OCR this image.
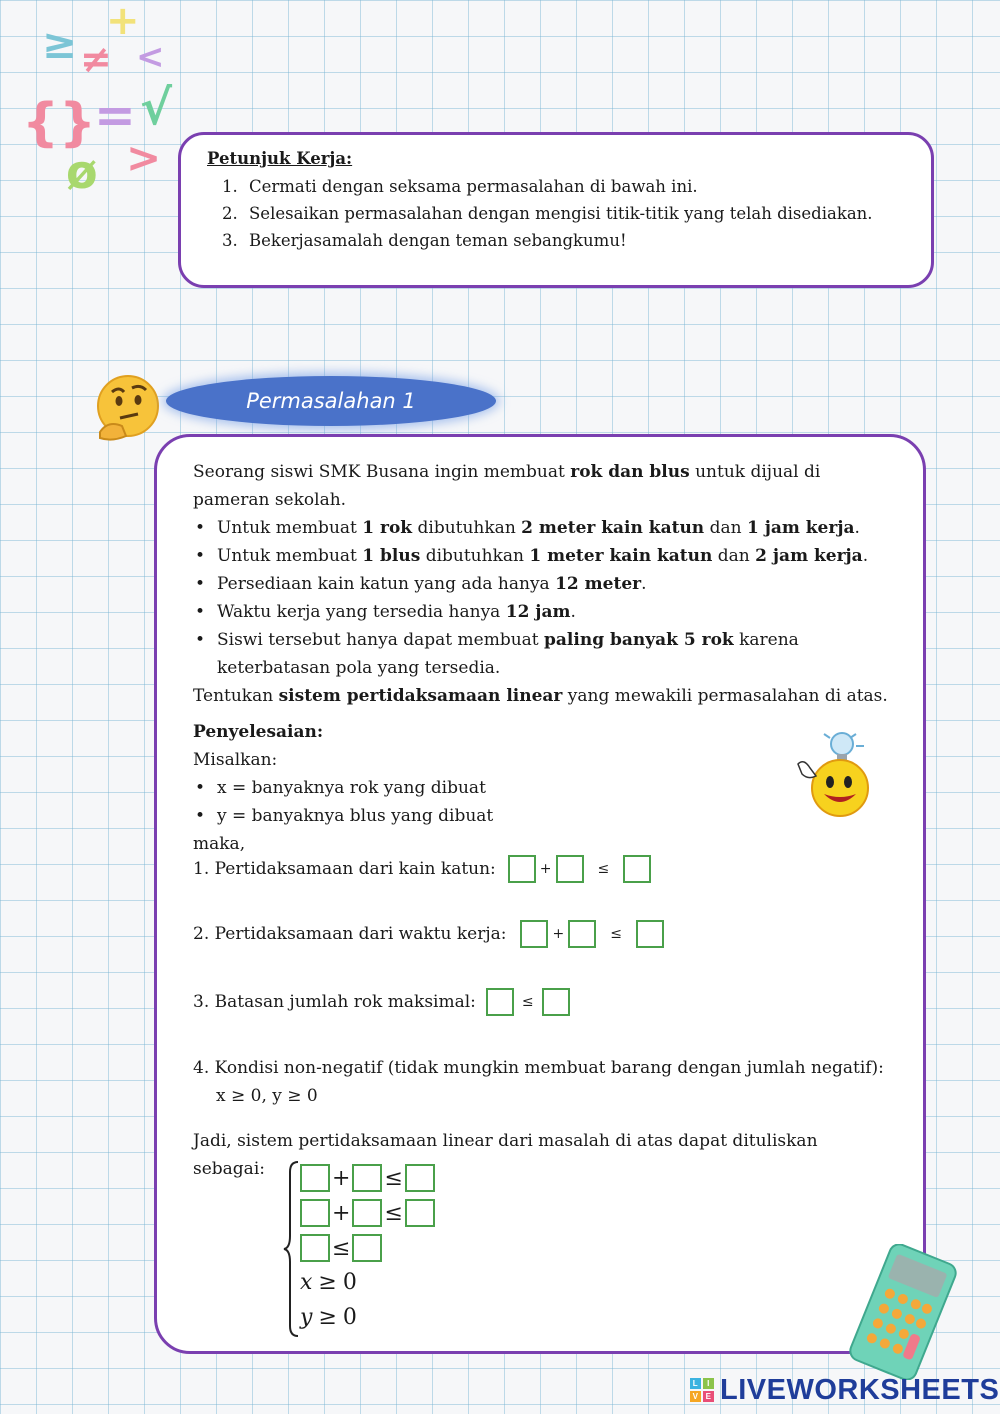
≥ +
≠ <
{}
= √
ø >	Petunjuk Kerja:
1. Cermati dengan seksama permasalahan di bawah ini.
2. Selesaikan permasalahan dengan mengisi titik-titik yang telah disediakan.
3. Bekerjasamalah dengan teman sebangkumu!
Permasalahan 1

Seorang siswi SMK Busana ingin membuat rok dan blus untuk dijual di pameran sekolah.

• Untuk membuat 1 rok dibutuhkan 2 meter kain katun dan 1 jam kerja.
• Untuk membuat 1 blus dibutuhkan 1 meter kain katun dan 2 jam kerja.
• Persediaan kain katun yang ada hanya 12 meter.
• Waktu kerja yang tersedia hanya 12 jam.
• Siswi tersebut hanya dapat membuat paling banyak 5 rok karena keterbatasan pola yang tersedia.

Tentukan sistem pertidaksamaan linear yang mewakili permasalahan di atas.

Penyelesaian:

Misalkan:

• x = banyaknya rok yang dibuat
• y = banyaknya blus yang dibuat

maka,

1. Pertidaksamaan dari kain katun:	+	≤
2. Pertidaksamaan dari waktu kerja:	+	≤
3. Batasan jumlah rok maksimal:	≤
4. Kondisi non-negatif (tidak mungkin membuat barang dengan jumlah negatif):
x ≥ 0, y ≥ 0
Jadi, sistem pertidaksamaan linear dari masalah di atas dapat dituliskan sebagai:	+ ≤
+ ≤
≤
x ≥ 0
y ≥ 0
L	I
V E LIVEWORKSHEETS
